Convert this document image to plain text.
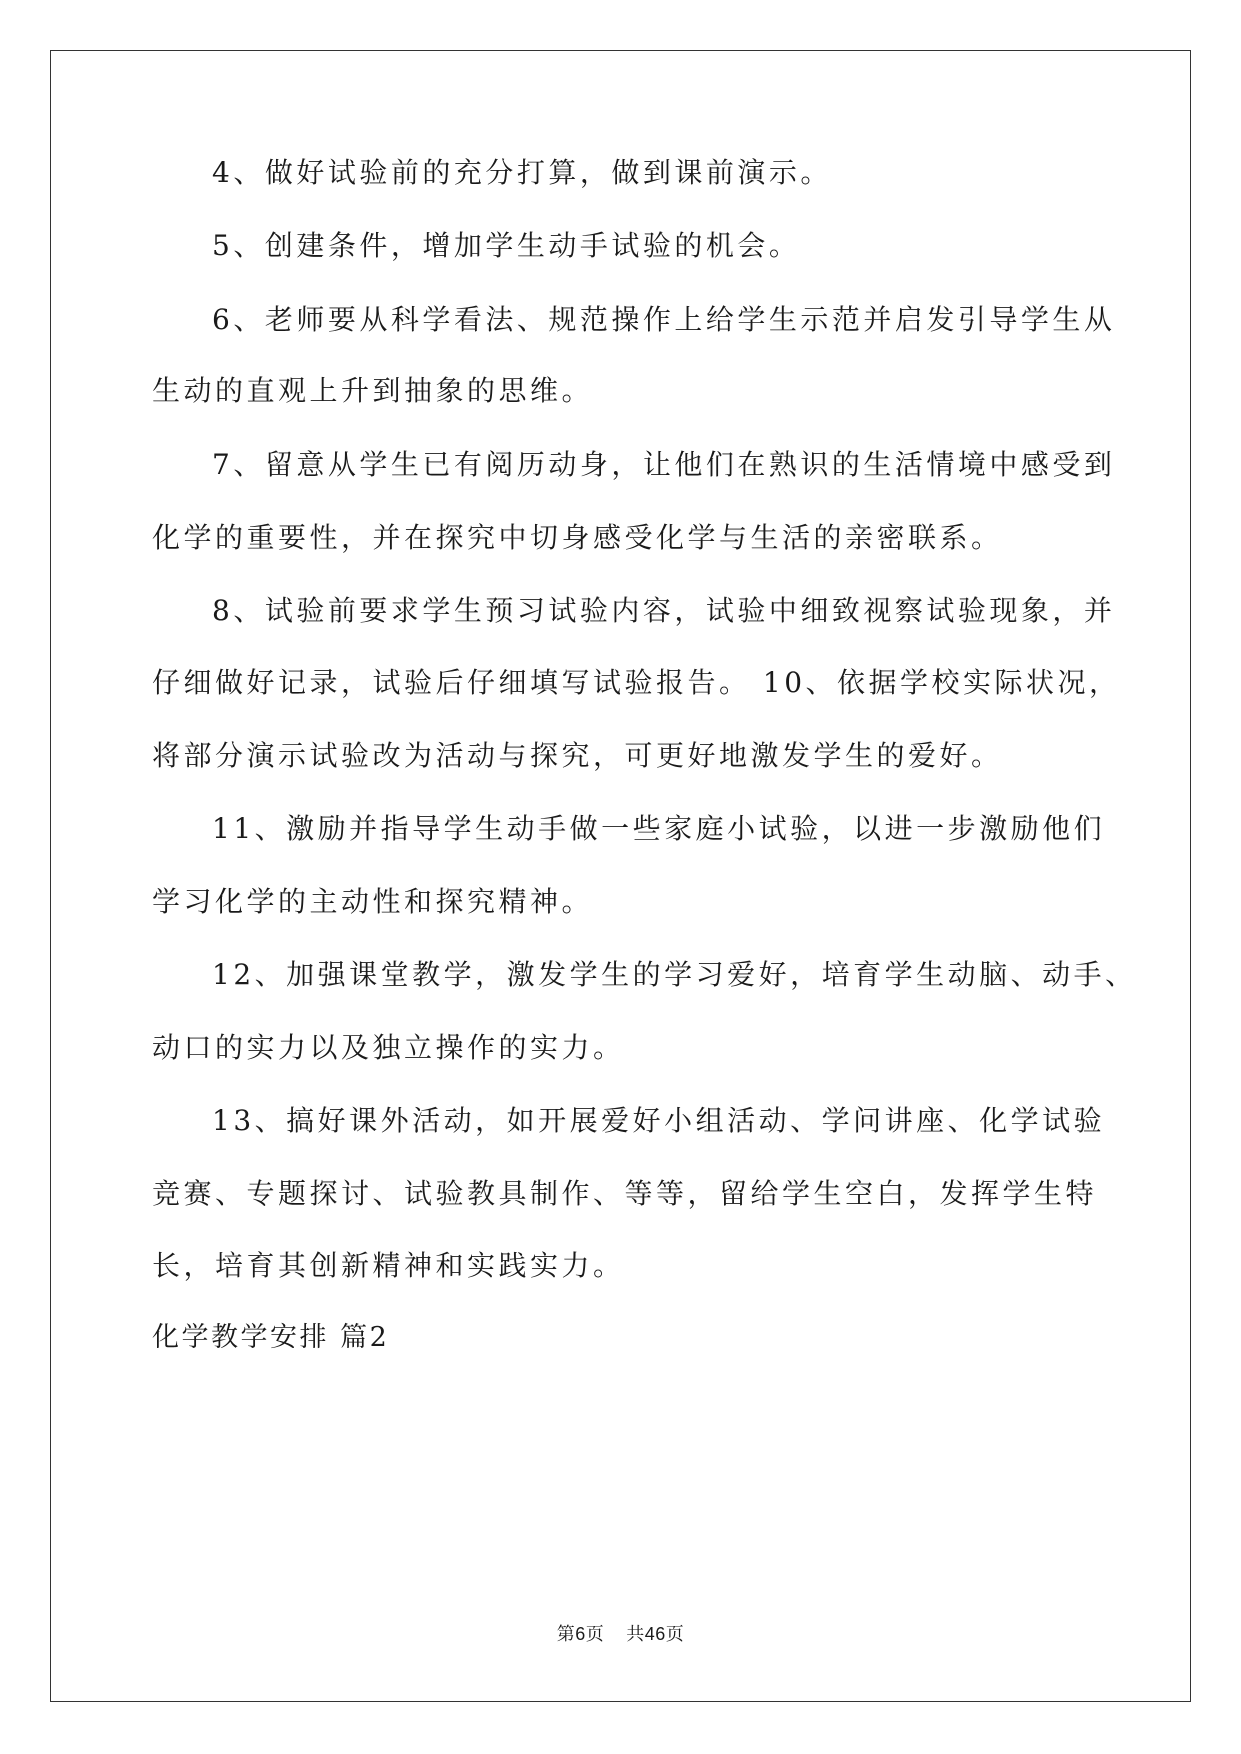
4、做好试验前的充分打算，做到课前演示。

5、创建条件，增加学生动手试验的机会。

6、老师要从科学看法、规范操作上给学生示范并启发引导学生从

生动的直观上升到抽象的思维。

7、留意从学生已有阅历动身，让他们在熟识的生活情境中感受到

化学的重要性，并在探究中切身感受化学与生活的亲密联系。

8、试验前要求学生预习试验内容，试验中细致视察试验现象，并

仔细做好记录，试验后仔细填写试验报告。 10、依据学校实际状况，

将部分演示试验改为活动与探究，可更好地激发学生的爱好。

11、激励并指导学生动手做一些家庭小试验，以进一步激励他们

学习化学的主动性和探究精神。

12、加强课堂教学，激发学生的学习爱好，培育学生动脑、动手、

动口的实力以及独立操作的实力。

13、搞好课外活动，如开展爱好小组活动、学问讲座、化学试验

竞赛、专题探讨、试验教具制作、等等，留给学生空白，发挥学生特

长，培育其创新精神和实践实力。

化学教学安排 篇2

第6页 共46页
